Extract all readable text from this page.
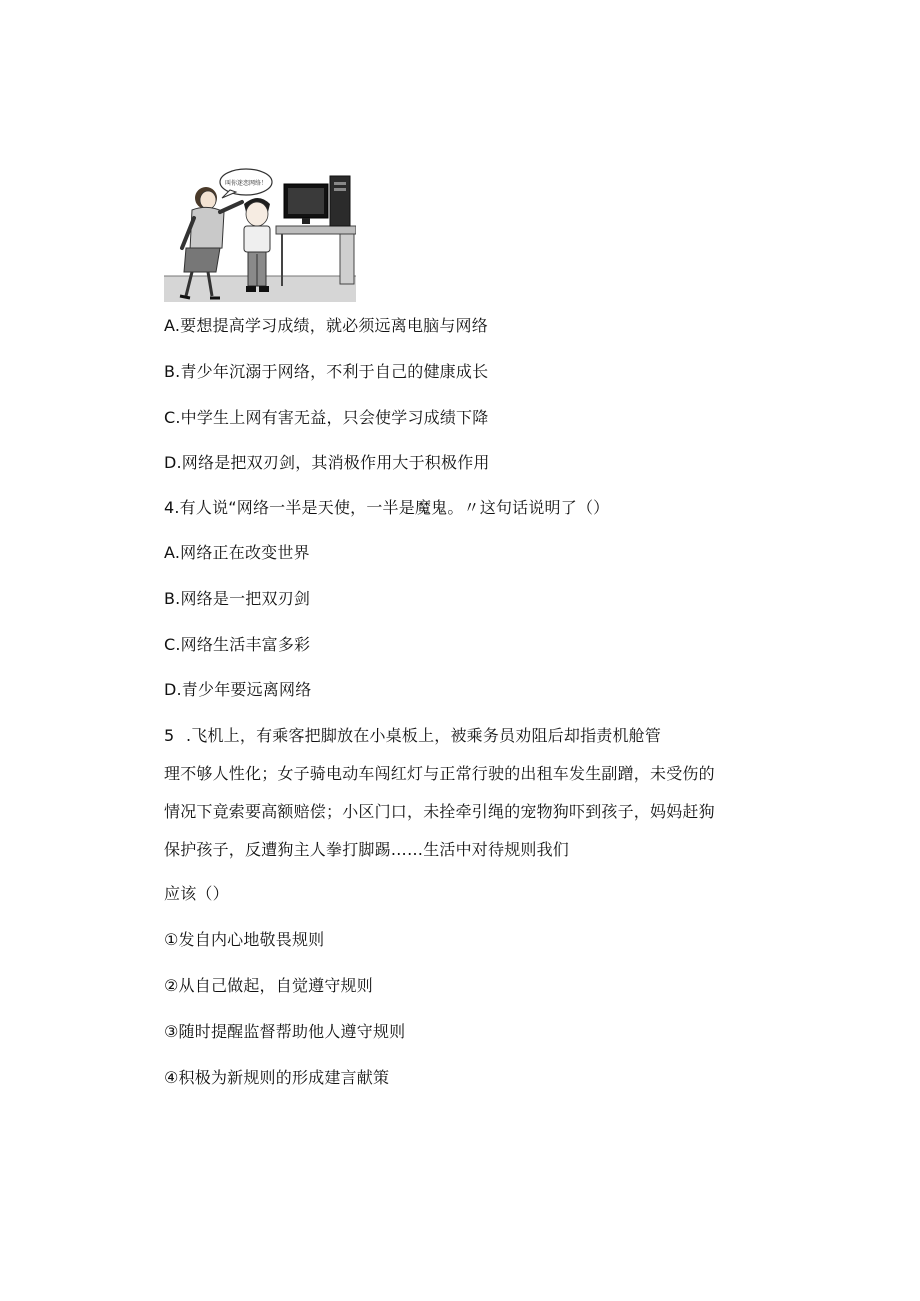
叫你迷恋网络！
A.要想提高学习成绩，就必须远离电脑与网络
B.青少年沉溺于网络，不利于自己的健康成长
C.中学生上网有害无益，只会使学习成绩下降
D.网络是把双刃剑，其消极作用大于积极作用
4.有人说“网络一半是天使，一半是魔鬼。〃这句话说明了（）
A.网络正在改变世界
B.网络是一把双刃剑
C.网络生活丰富多彩
D.青少年要远离网络
5 .飞机上，有乘客把脚放在小桌板上，被乘务员劝阻后却指责机舱管
理不够人性化；女子骑电动车闯红灯与正常行驶的出租车发生副蹭，未受伤的
情况下竟索要高额赔偿；小区门口，未拴牵引绳的宠物狗吓到孩子，妈妈赶狗
保护孩子，反遭狗主人拳打脚踢……生活中对待规则我们
应该（）
①发自内心地敬畏规则
②从自己做起，自觉遵守规则
③随时提醒监督帮助他人遵守规则
④积极为新规则的形成建言献策
